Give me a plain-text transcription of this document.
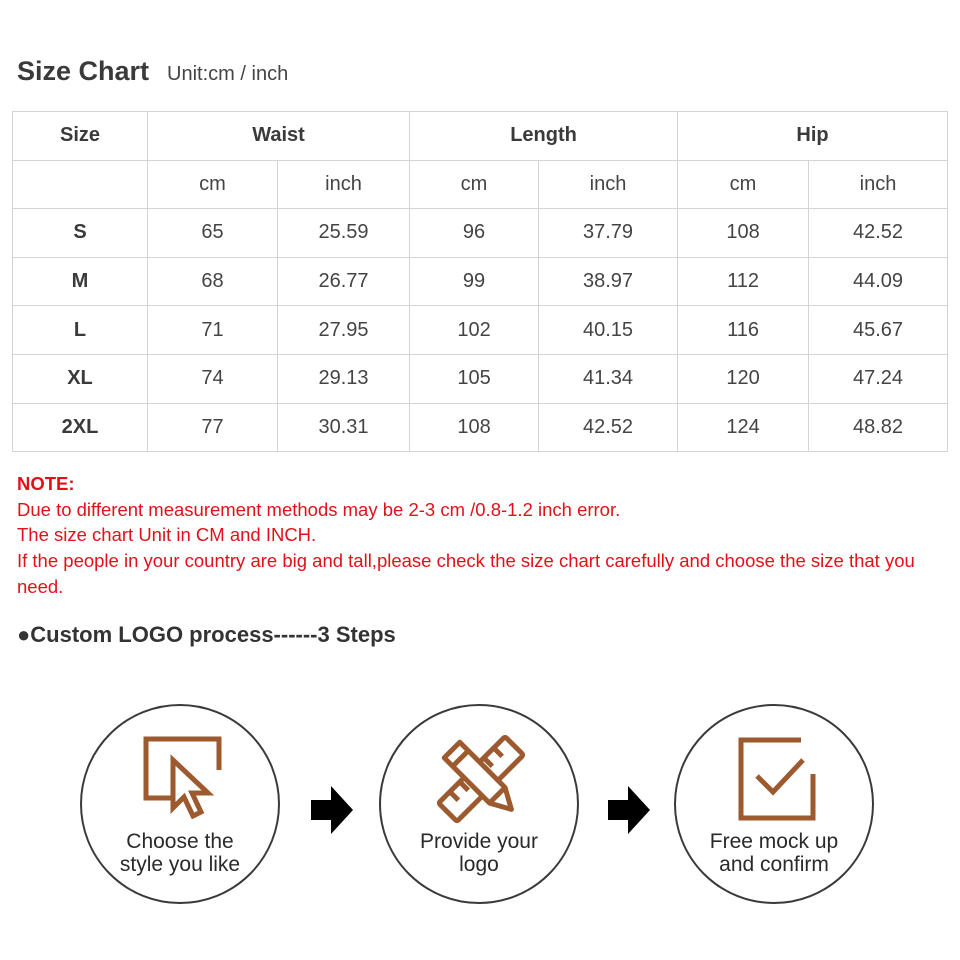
Size Chart Unit:cm / inch
Size	Waist		Length		Hip	
	cm	inch	cm	inch	cm	inch
S	65	25.59	96	37.79	108	42.52
M	68	26.77	99	38.97	112	44.09
L	71	27.95	102	40.15	116	45.67
XL	74	29.13	105	41.34	120	47.24
2XL	77	30.31	108	42.52	124	48.82
NOTE:
Due to different measurement methods may be 2-3 cm /0.8-1.2 inch error.
The size chart Unit in CM and INCH.
If the people in your country are big and tall,please check the size chart carefully and choose the size that you need.
●Custom LOGO process------3 Steps
Choose the
style you like
Provide your
logo
Free mock up
and confirm
